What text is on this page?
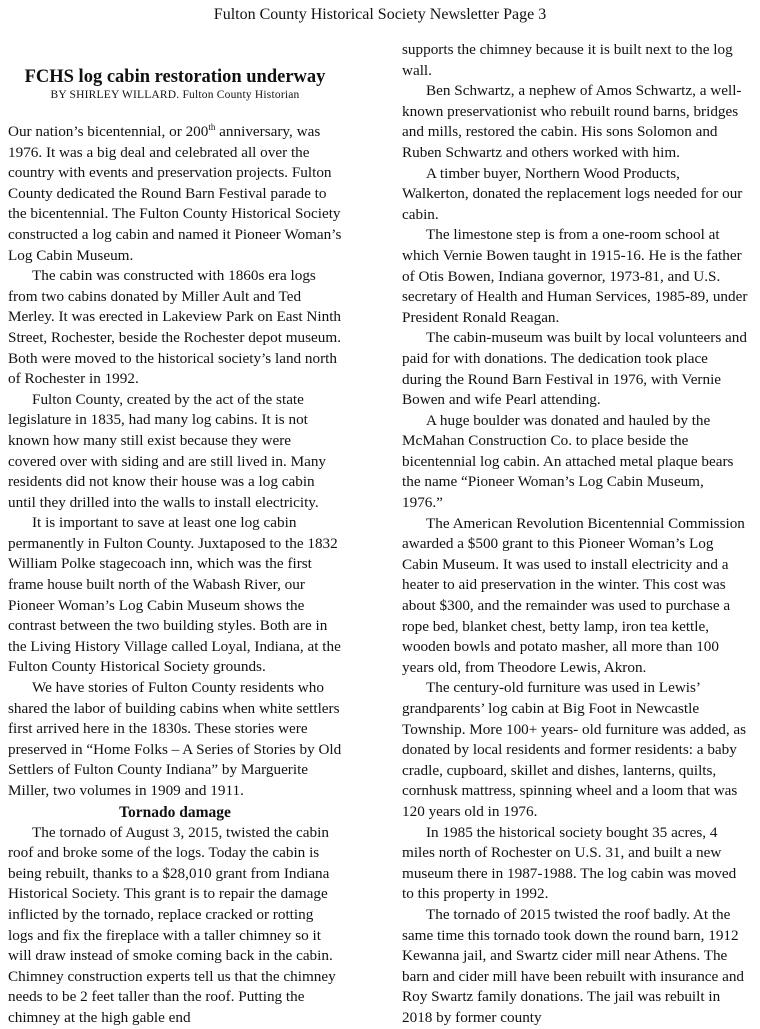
Fulton County Historical Society Newsletter Page 3
FCHS log cabin restoration underway
BY SHIRLEY WILLARD. Fulton County Historian

Our nation’s bicentennial, or 200th anniversary, was 1976. It was a big deal and celebrated all over the country with events and preservation projects. Fulton County dedicated the Round Barn Festival parade to the bicentennial. The Fulton County Historical Society constructed a log cabin and named it Pioneer Woman’s Log Cabin Museum.

The cabin was constructed with 1860s era logs from two cabins donated by Miller Ault and Ted Merley. It was erected in Lakeview Park on East Ninth Street, Rochester, beside the Rochester depot museum. Both were moved to the historical society’s land north of Rochester in 1992.

Fulton County, created by the act of the state legislature in 1835, had many log cabins. It is not known how many still exist because they were covered over with siding and are still lived in. Many residents did not know their house was a log cabin until they drilled into the walls to install electricity.

It is important to save at least one log cabin permanently in Fulton County. Juxtaposed to the 1832 William Polke stagecoach inn, which was the first frame house built north of the Wabash River, our Pioneer Woman’s Log Cabin Museum shows the contrast between the two building styles. Both are in the Living History Village called Loyal, Indiana, at the Fulton County Historical Society grounds.

We have stories of Fulton County residents who shared the labor of building cabins when white settlers first arrived here in the 1830s. These stories were preserved in “Home Folks – A Series of Stories by Old Settlers of Fulton County Indiana” by Marguerite Miller, two volumes in 1909 and 1911.

Tornado damage

The tornado of August 3, 2015, twisted the cabin roof and broke some of the logs. Today the cabin is being rebuilt, thanks to a $28,010 grant from Indiana Historical Society. This grant is to repair the damage inflicted by the tornado, replace cracked or rotting logs and fix the fireplace with a taller chimney so it will draw instead of smoke coming back in the cabin. Chimney construction experts tell us that the chimney needs to be 2 feet taller than the roof. Putting the chimney at the high gable end

supports the chimney because it is built next to the log wall.

Ben Schwartz, a nephew of Amos Schwartz, a well-known preservationist who rebuilt round barns, bridges and mills, restored the cabin. His sons Solomon and Ruben Schwartz and others worked with him.

A timber buyer, Northern Wood Products, Walkerton, donated the replacement logs needed for our cabin.

The limestone step is from a one-room school at which Vernie Bowen taught in 1915-16. He is the father of Otis Bowen, Indiana governor, 1973-81, and U.S. secretary of Health and Human Services, 1985-89, under President Ronald Reagan.

The cabin-museum was built by local volunteers and paid for with donations. The dedication took place during the Round Barn Festival in 1976, with Vernie Bowen and wife Pearl attending.

A huge boulder was donated and hauled by the McMahan Construction Co. to place beside the bicentennial log cabin. An attached metal plaque bears the name “Pioneer Woman’s Log Cabin Museum, 1976.”

The American Revolution Bicentennial Commission awarded a $500 grant to this Pioneer Woman’s Log Cabin Museum. It was used to install electricity and a heater to aid preservation in the winter. This cost was about $300, and the remainder was used to purchase a rope bed, blanket chest, betty lamp, iron tea kettle, wooden bowls and potato masher, all more than 100 years old, from Theodore Lewis, Akron.

The century-old furniture was used in Lewis’ grandparents’ log cabin at Big Foot in Newcastle Township. More 100+ years- old furniture was added, as donated by local residents and former residents: a baby cradle, cupboard, skillet and dishes, lanterns, quilts, cornhusk mattress, spinning wheel and a loom that was 120 years old in 1976.

In 1985 the historical society bought 35 acres, 4 miles north of Rochester on U.S. 31, and built a new museum there in 1987-1988. The log cabin was moved to this property in 1992.

The tornado of 2015 twisted the roof badly. At the same time this tornado took down the round barn, 1912 Kewanna jail, and Swartz cider mill near Athens. The barn and cider mill have been rebuilt with insurance and Roy Swartz family donations. The jail was rebuilt in 2018 by former county
